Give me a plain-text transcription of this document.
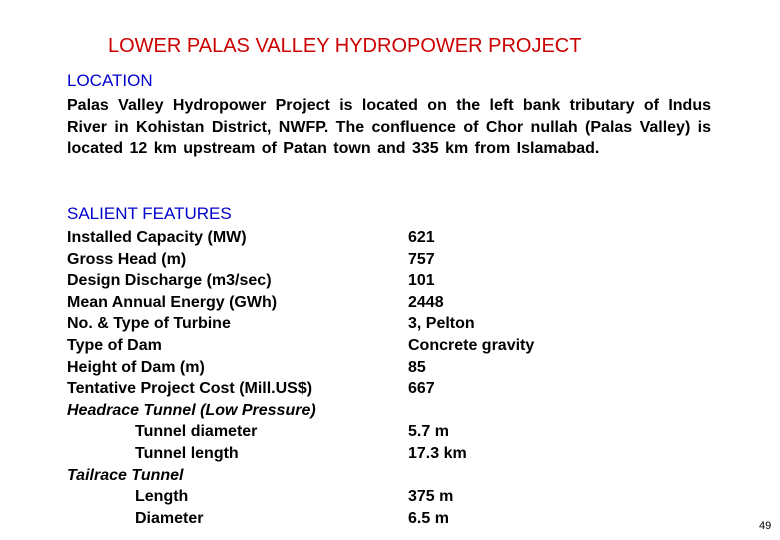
LOWER PALAS VALLEY HYDROPOWER PROJECT
LOCATION
Palas Valley Hydropower Project is located on the left bank tributary of Indus River in Kohistan District, NWFP. The confluence of Chor nullah (Palas Valley) is located 12 km upstream of Patan town and 335 km from Islamabad.
SALIENT FEATURES
Installed Capacity (MW)	621
Gross Head (m)	757
Design Discharge (m3/sec)	101
Mean Annual Energy (GWh)	2448
No. & Type of Turbine	3, Pelton
Type of Dam	Concrete gravity
Height of Dam (m)	85
Tentative Project Cost (Mill.US$)	667
Headrace Tunnel (Low Pressure)
Tunnel diameter	5.7 m
Tunnel length	17.3 km
Tailrace Tunnel
Length	375 m
Diameter	6.5 m	49
